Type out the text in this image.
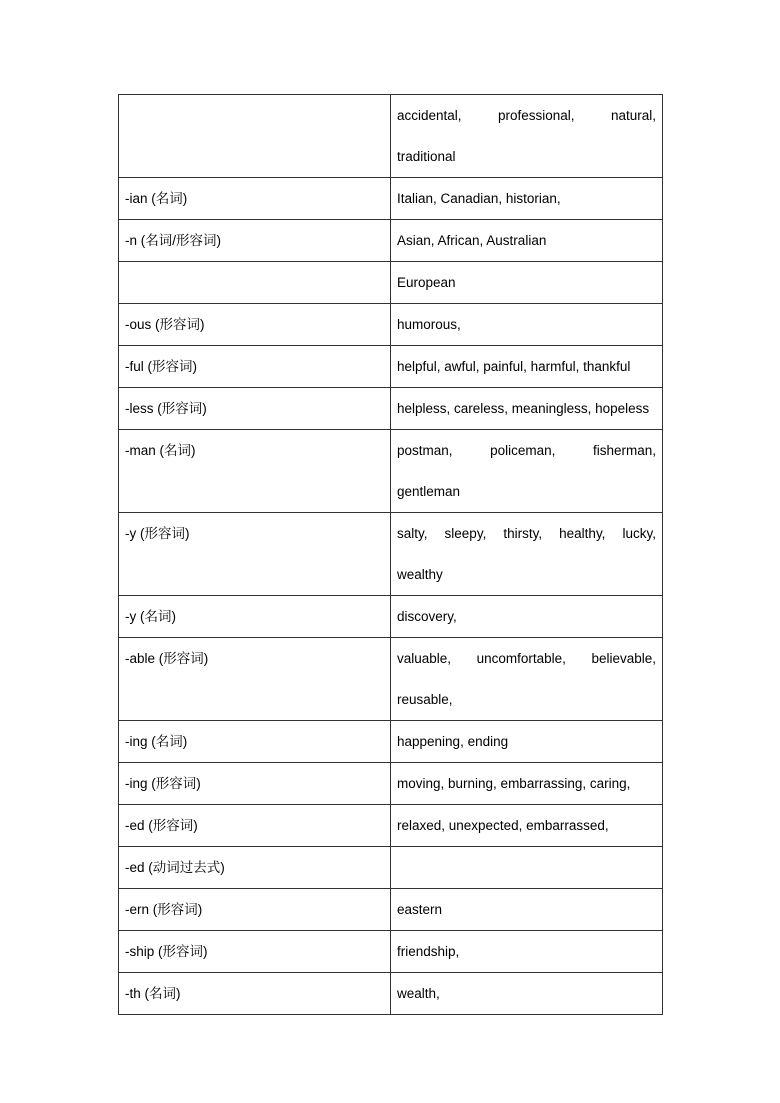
	accidental, professional, natural,
traditional

-ian (名词)	Italian, Canadian, historian,
-n (名词/形容词)	Asian, African, Australian
	European
-ous (形容词)	humorous,
-ful (形容词)	helpful, awful, painful, harmful, thankful
-less (形容词)	helpless, careless, meaningless, hopeless
-man (名词)	postman, policeman, fisherman,
gentleman

-y (形容词)	salty, sleepy, thirsty, healthy, lucky,
wealthy

-y (名词)	discovery,
-able (形容词)	valuable, uncomfortable, believable,
reusable,

-ing (名词)	happening, ending
-ing (形容词)	moving, burning, embarrassing, caring,
-ed (形容词)	relaxed, unexpected, embarrassed,
-ed (动词过去式)	
-ern (形容词)	eastern
-ship (形容词)	friendship,
-th (名词)	wealth,
